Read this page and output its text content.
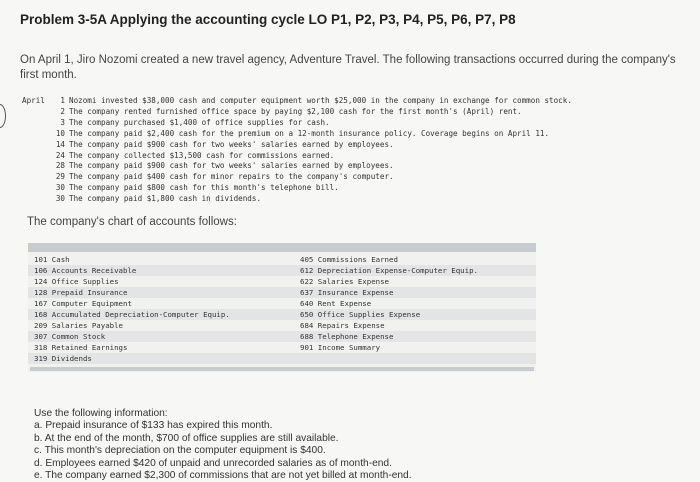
Problem 3-5A Applying the accounting cycle LO P1, P2, P3, P4, P5, P6, P7, P8
On April 1, Jiro Nozomi created a new travel agency, Adventure Travel. The following transactions occurred during the company's first month.
April	1 Nozomi invested $38,000 cash and computer equipment worth $25,000 in the company in exchange for common stock.
2 The company rented furnished office space by paying $2,100 cash for the first month's (April) rent.
3 The company purchased $1,400 of office supplies for cash.
10 The company paid $2,400 cash for the premium on a 12-month insurance policy. Coverage begins on April 11.
14 The company paid $900 cash for two weeks' salaries earned by employees.
24 The company collected $13,500 cash for commissions earned.
28 The company paid $900 cash for two weeks' salaries earned by employees.
29 The company paid $400 cash for minor repairs to the company's computer.
30 The company paid $800 cash for this month's telephone bill.
30 The company paid $1,800 cash in dividends.
The company's chart of accounts follows:
101 Cash
106 Accounts Receivable
124 Office Supplies
128 Prepaid Insurance
167 Computer Equipment
168 Accumulated Depreciation-Computer Equip.
209 Salaries Payable
307 Common Stock
318 Retained Earnings
319 Dividends
405 Commissions Earned
612 Depreciation Expense-Computer Equip.
622 Salaries Expense
637 Insurance Expense
640 Rent Expense
650 Office Supplies Expense
684 Repairs Expense
688 Telephone Expense
901 Income Summary
Use the following information:
a. Prepaid insurance of $133 has expired this month.
b. At the end of the month, $700 of office supplies are still available.
c. This month's depreciation on the computer equipment is $400.
d. Employees earned $420 of unpaid and unrecorded salaries as of month-end.
e. The company earned $2,300 of commissions that are not yet billed at month-end.
